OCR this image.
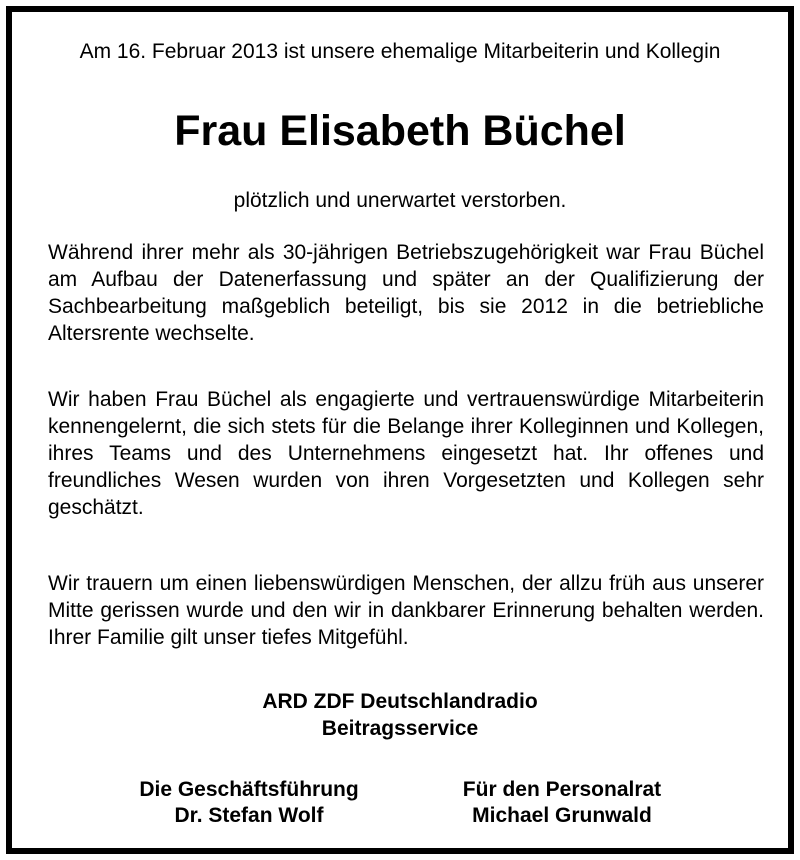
Am 16. Februar 2013 ist unsere ehemalige Mitarbeiterin und Kollegin
Frau Elisabeth Büchel
plötzlich und unerwartet verstorben.

Während ihrer mehr als 30-jährigen Betriebszugehörigkeit war Frau Büchel am Aufbau der Datenerfassung und später an der Qualifizierung der Sachbearbeitung maßgeblich beteiligt, bis sie 2012 in die betriebliche Altersrente wechselte.

Wir haben Frau Büchel als engagierte und vertrauenswürdige Mitarbeiterin kennengelernt, die sich stets für die Belange ihrer Kolleginnen und Kollegen, ihres Teams und des Unternehmens eingesetzt hat. Ihr offenes und freundliches Wesen wurden von ihren Vorgesetzten und Kollegen sehr geschätzt.

Wir trauern um einen liebenswürdigen Menschen, der allzu früh aus unserer Mitte gerissen wurde und den wir in dankbarer Erinnerung behalten werden. Ihrer Familie gilt unser tiefes Mitgefühl.

ARD ZDF Deutschlandradio
Beitragsservice
Die Geschäftsführung
Dr. Stefan Wolf
Für den Personalrat
Michael Grunwald
